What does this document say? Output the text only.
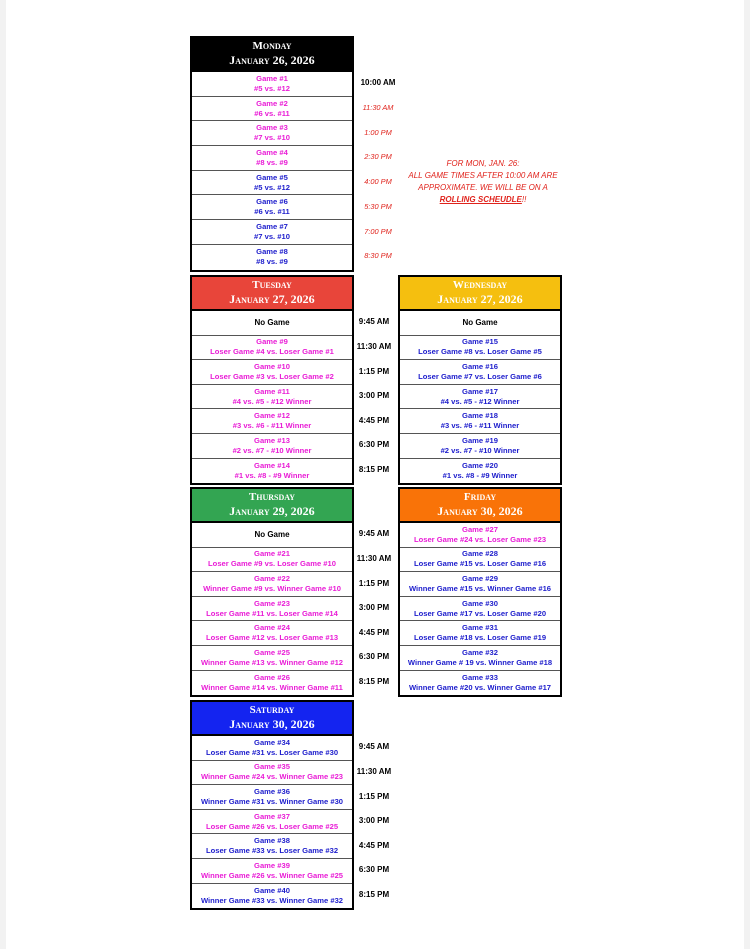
Monday
January 26, 2026
Game #1
#5 vs. #12
Game #2
#6 vs. #11
Game #3
#7 vs. #10
Game #4
#8 vs. #9
Game #5
#5 vs. #12
Game #6
#6 vs. #11
Game #7
#7 vs. #10
Game #8
#8 vs. #9
10:00 AM
11:30 AM
1:00 PM
2:30 PM
4:00 PM
5:30 PM
7:00 PM
8:30 PM
FOR MON, JAN. 26:
ALL GAME TIMES AFTER 10:00 AM ARE
APPROXIMATE. WE WILL BE ON A
ROLLING SCHEUDLE!!
Tuesday
January 27, 2026
No Game
Game #9
Loser Game #4 vs. Loser Game #1
Game #10
Loser Game #3 vs. Loser Game #2
Game #11
#4 vs. #5 - #12 Winner
Game #12
#3 vs. #6 - #11 Winner
Game #13
#2 vs. #7 - #10 Winner
Game #14
#1 vs. #8 - #9 Winner
9:45 AM
11:30 AM
1:15 PM
3:00 PM
4:45 PM
6:30 PM
8:15 PM
Wednesday
January 27, 2026
No Game
Game #15
Loser Game #8 vs. Loser Game #5
Game #16
Loser Game #7 vs. Loser Game #6
Game #17
#4 vs. #5 - #12 Winner
Game #18
#3 vs. #6 - #11 Winner
Game #19
#2 vs. #7 - #10 Winner
Game #20
#1 vs. #8 - #9 Winner
Thursday
January 29, 2026
No Game
Game #21
Loser Game #9 vs. Loser Game #10
Game #22
Winner Game #9 vs. Winner Game #10
Game #23
Loser Game #11 vs. Loser Game #14
Game #24
Loser Game #12 vs. Loser Game #13
Game #25
Winner Game #13 vs. Winner Game #12
Game #26
Winner Game #14 vs. Winner Game #11
9:45 AM
11:30 AM
1:15 PM
3:00 PM
4:45 PM
6:30 PM
8:15 PM
Friday
January 30, 2026
Game #27
Loser Game #24 vs. Loser Game #23
Game #28
Loser Game #15 vs. Loser Game #16
Game #29
Winner Game #15 vs. Winner Game #16
Game #30
Loser Game #17 vs. Loser Game #20
Game #31
Loser Game #18 vs. Loser Game #19
Game #32
Winner Game # 19 vs. Winner Game #18
Game #33
Winner Game #20 vs. Winner Game #17
Saturday
January 30, 2026
Game #34
Loser Game #31 vs. Loser Game #30
Game #35
Winner Game #24 vs. Winner Game #23
Game #36
Winner Game #31 vs. Winner Game #30
Game #37
Loser Game #26 vs. Loser Game #25
Game #38
Loser Game #33 vs. Loser Game #32
Game #39
Winner Game #26 vs. Winner Game #25
Game #40
Winner Game #33 vs. Winner Game #32
9:45 AM
11:30 AM
1:15 PM
3:00 PM
4:45 PM
6:30 PM
8:15 PM
